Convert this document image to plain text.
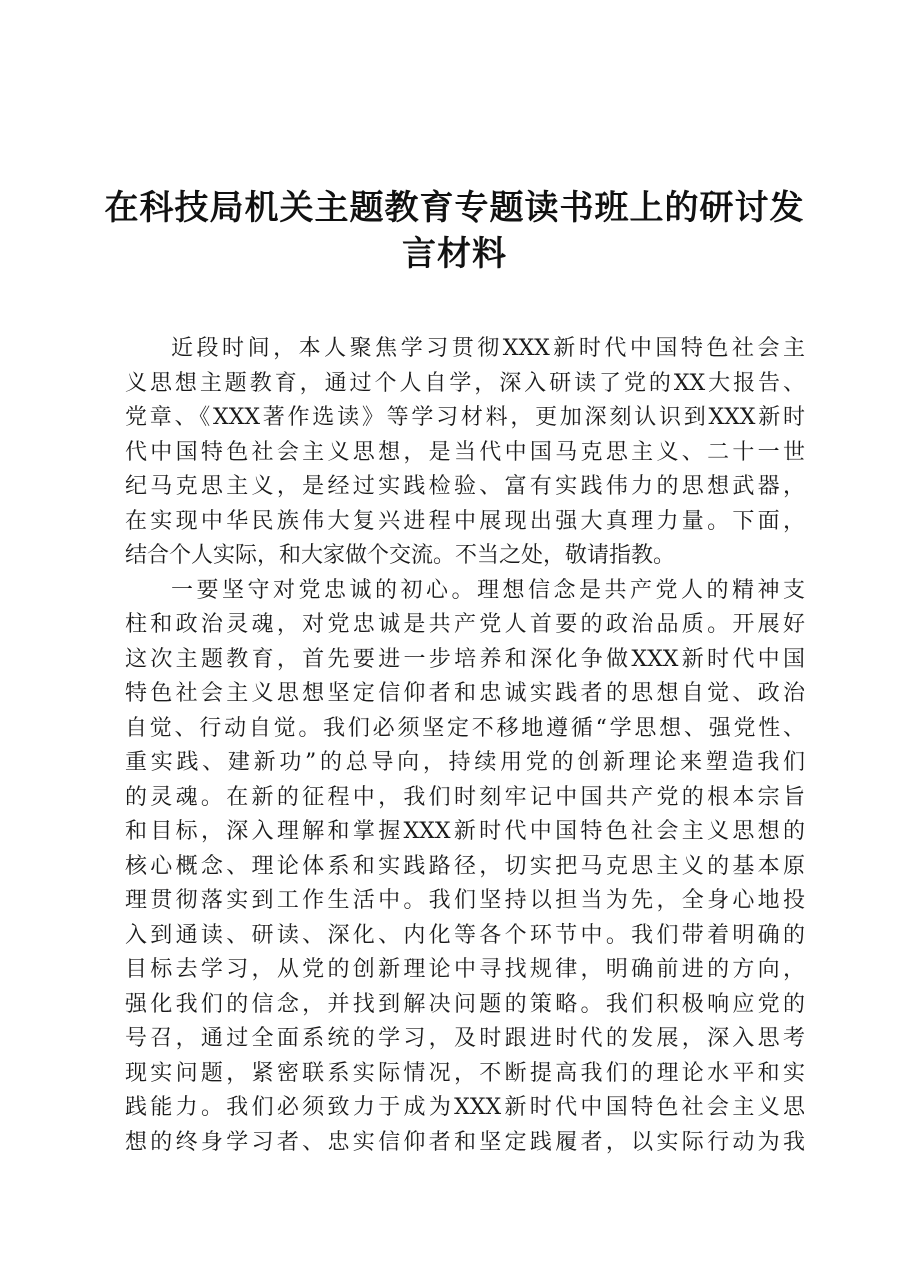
在科技局机关主题教育专题读书班上的研讨发
言材料
近段时间，本人聚焦学习贯彻XXX新时代中国特色社会主
义思想主题教育，通过个人自学，深入研读了党的XX大报告、
党章、《XXX著作选读》等学习材料，更加深刻认识到XXX新时
代中国特色社会主义思想，是当代中国马克思主义、二十一世
纪马克思主义，是经过实践检验、富有实践伟力的思想武器，
在实现中华民族伟大复兴进程中展现出强大真理力量。下面，
结合个人实际，和大家做个交流。不当之处，敬请指教。
一要坚守对党忠诚的初心。理想信念是共产党人的精神支
柱和政治灵魂，对党忠诚是共产党人首要的政治品质。开展好
这次主题教育，首先要进一步培养和深化争做XXX新时代中国
特色社会主义思想坚定信仰者和忠诚实践者的思想自觉、政治
自觉、行动自觉。我们必须坚定不移地遵循“学思想、强党性、
重实践、建新功”的总导向，持续用党的创新理论来塑造我们
的灵魂。在新的征程中，我们时刻牢记中国共产党的根本宗旨
和目标，深入理解和掌握XXX新时代中国特色社会主义思想的
核心概念、理论体系和实践路径，切实把马克思主义的基本原
理贯彻落实到工作生活中。我们坚持以担当为先，全身心地投
入到通读、研读、深化、内化等各个环节中。我们带着明确的
目标去学习，从党的创新理论中寻找规律，明确前进的方向，
强化我们的信念，并找到解决问题的策略。我们积极响应党的
号召，通过全面系统的学习，及时跟进时代的发展，深入思考
现实问题，紧密联系实际情况，不断提高我们的理论水平和实
践能力。我们必须致力于成为XXX新时代中国特色社会主义思
想的终身学习者、忠实信仰者和坚定践履者，以实际行动为我
